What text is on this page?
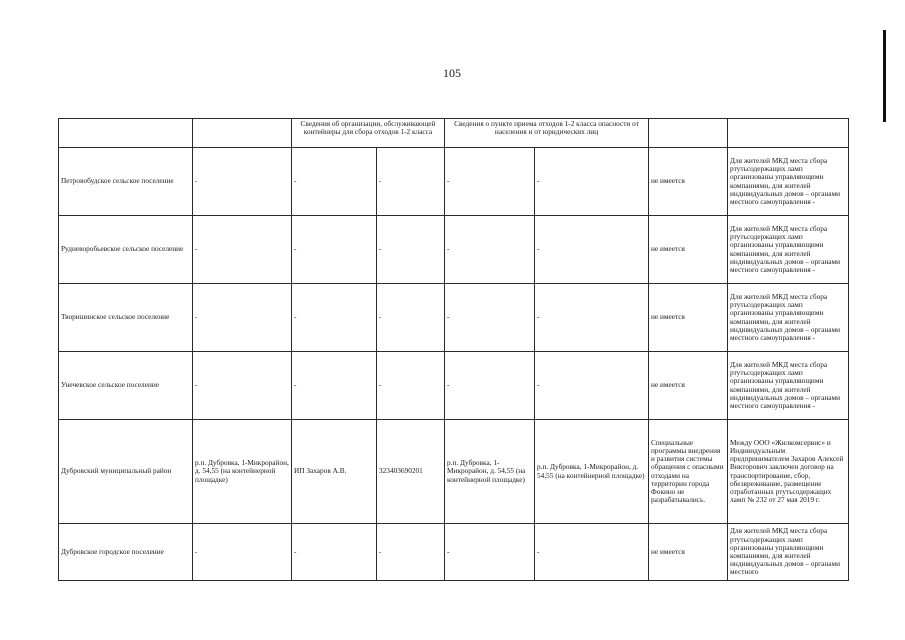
105
		Сведения об организации, обслуживающей контейнеры для сбора отходов 1-2 класса		Сведения о пункте приема отходов 1-2 класса опасности от населения и от юридических лиц			
Петровобудское сельское поселение	-	-	-	-	-	не имеется	Для жителей МКД места сбора ртутьсодержащих ламп организованы управляющими компаниями, для жителей индивидуальных домов – органами местного самоуправления -
Рудневоробьевское сельское поселение	-	-	-	-	-	не имеется	Для жителей МКД места сбора ртутьсодержащих ламп организованы управляющими компаниями, для жителей индивидуальных домов – органами местного самоуправления -
Творишинское сельское поселение	-	-	-	-	-	не имеется	Для жителей МКД места сбора ртутьсодержащих ламп организованы управляющими компаниями, для жителей индивидуальных домов – органами местного самоуправления -
Унечевское сельское поселение	-	-	-	-	-	не имеется	Для жителей МКД места сбора ртутьсодержащих ламп организованы управляющими компаниями, для жителей индивидуальных домов – органами местного самоуправления -
Дубровский муниципальный район	р.п. Дубровка, 1-Микрорайон, д. 54,55 (на контейнерной площадке)	ИП Захаров А.В.	323403690201	р.п. Дубровка, 1-Микрорайон, д. 54,55 (на контейнерной площадке)	р.п. Дубровка, 1-Микрорайон, д. 54,55 (на контейнерной площадке)	Специальные программы внедрения и развития системы обращения с опасными отходами на территории города Фокино не разрабатывались.	Между ООО «Жилкомсервис» и Индивидуальным предпринимателем Захаров Алексей Викторович заключен договор на транспортирование, сбор, обезвреживание, размещение отработанных ртутьсодержащих ламп № 232 от 27 мая 2019 г.
Дубровское городское поселение	-	-	-	-	-	не имеется	Для жителей МКД места сбора ртутьсодержащих ламп организованы управляющими компаниями, для жителей индивидуальных домов – органами местного
